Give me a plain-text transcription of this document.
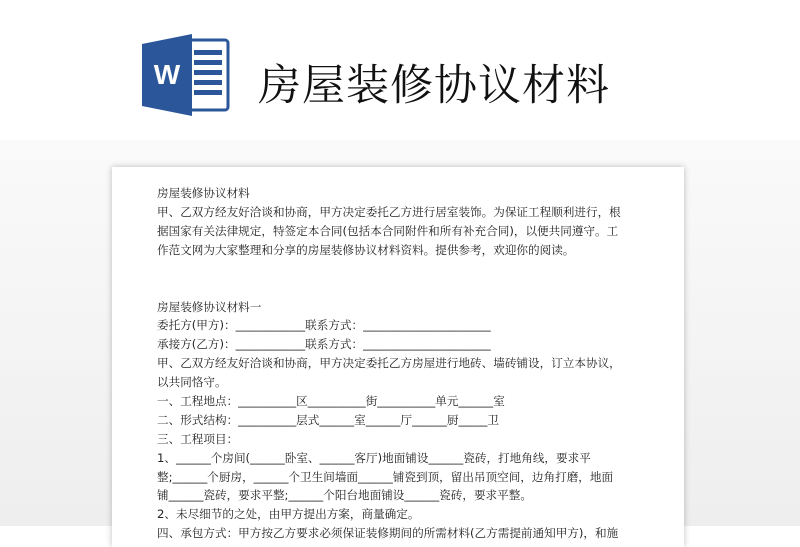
W 房屋装修协议材料
房屋装修协议材料
甲、乙双方经友好洽谈和协商，甲方决定委托乙方进行居室装饰。为保证工程顺利进行，根
据国家有关法律规定，特签定本合同(包括本合同附件和所有补充合同)，以便共同遵守。工
作范文网为大家整理和分享的房屋装修协议材料资料。提供参考，欢迎你的阅读。
房屋装修协议材料一
委托方(甲方)：____________联系方式：______________________
承接方(乙方)：____________联系方式：______________________
甲、乙双方经友好洽谈和协商，甲方决定委托乙方房屋进行地砖、墙砖铺设，订立本协议，
以共同恪守。
一、工程地点：__________区__________街__________单元______室
二、形式结构：__________层式______室______厅______厨_____卫
三、工程项目：
1、______个房间(______卧室、______客厅)地面铺设______瓷砖，打地角线，要求平
整;______个厨房，______个卫生间墙面______铺瓷到顶，留出吊顶空间，边角打磨，地面
铺______瓷砖，要求平整;______个阳台地面铺设______瓷砖，要求平整。
2、未尽细节的之处，由甲方提出方案，商量确定。
四、承包方式：甲方按乙方要求必须保证装修期间的所需材料(乙方需提前通知甲方)，和施
